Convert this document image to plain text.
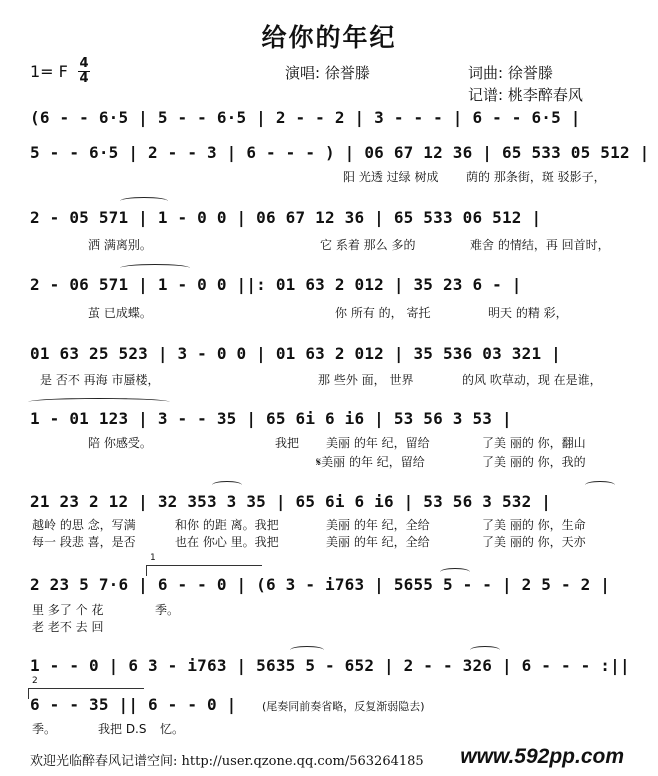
给你的年纪
1= F 4
4	演唱: 徐誉滕	词曲: 徐誉滕
记谱: 桃李醉春风
(6 - - 6·5 | 5 - - 6·5 | 2 - - 2 | 3 - - - | 6 - - 6·5 |
5 - - 6·5 | 2 - - 3 | 6 - - - ) | 06 67 12 36 | 65 533 05 512 |
阳 光透 过绿 树成 荫的 那条街，斑 驳影子，
2 - 05 571 | 1 - 0 0 | 06 67 12 36 | 65 533 06 512 |
洒 满离别。	它 系着 那么 多的	难舍 的情结，再 回首时，
2 - 06 571 | 1 - 0 0 ||: 01 63 2 012 | 35 23 6 - |
茧 已成蝶。	你 所有 的， 寄托	明天 的精 彩，
01 63 25 523 | 3 - 0 0 | 01 63 2 012 | 35 536 03 321 |
是 否不 再海 市蜃楼，	那 些外 面， 世界	的风 吹草动，现 在是谁，
1 - 01 123 | 3 - - 35 | 65 6i 6 i6 | 53 56 3 53 |
陪 你感受。	我把 美丽 的年 纪，留给	了美 丽的 你，翻山
𝄋美丽 的年 纪，留给	了美 丽的 你，我的
21 23 2 12 | 32 353 3 35 | 65 6i 6 i6 | 53 56 3 532 |
越岭 的思 念，写满	和你 的距 离。我把	美丽 的年 纪，全给	了美 丽的 你，生命
每一 段悲 喜，是否	也在 你心 里。我把	美丽 的年 纪，全给	了美 丽的 你，天亦
1
2 23 5 7·6 | 6 - - 0 | (6 3 - i763 | 5655 5 - - | 2 5 - 2 |
里 多了 个 花	季。
老 老不 去 回
1 - - 0 | 6 3 - i763 | 5635 5 - 652 | 2 - - 326 | 6 - - - :||
2
6 - - 35 || 6 - - 0 |	(尾奏同前奏省略，反复渐弱隐去)
季。	我把 D.S 忆。
欢迎光临醉春风记谱空间: http://user.qzone.qq.com/563264185 www.592pp.com
